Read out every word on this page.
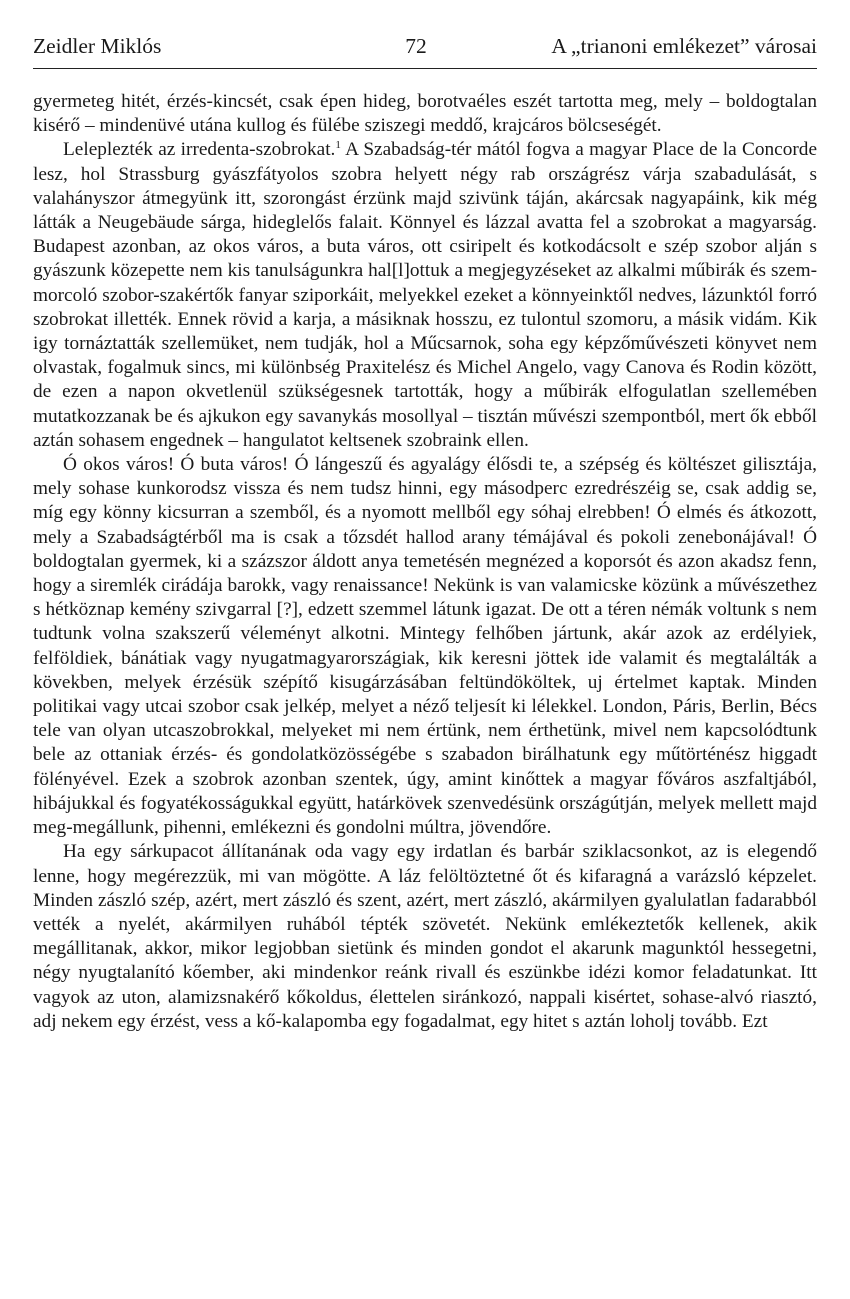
Zeidler Miklós	72	A „trianoni emlékezet” városai

gyermeteg hitét, érzés-kincsét, csak épen hideg, borotvaéles eszét tartotta meg, mely – boldogtalan kisérő – mindenüvé utána kullog és fülébe sziszegi meddő, krajcáros bölcseségét.

Leleplezték az irredenta-szobrokat.$^1$ A Szabadság-tér mától fogva a magyar Place de la Concorde lesz, hol Strassburg gyászfátyolos szobra helyett négy rab országrész várja szabadulását, s valahányszor átmegyünk itt, szorongást érzünk majd szivünk táján, akárcsak nagyapáink, kik még látták a Neugebäude sárga, hideglelős falait. Könnyel és lázzal avatta fel a szobrokat a magyarság. Budapest azonban, az okos város, a buta város, ott csiripelt és kotkodácsolt e szép szobor alján s gyászunk közepette nem kis tanulságunkra hal[l]ottuk a megjegyzéseket az alkalmi műbirák és szem-morcoló szobor-szakértők fanyar sziporkáit, melyekkel ezeket a könnyeinktől nedves, lázunktól forró szobrokat illették. Ennek rövid a karja, a másiknak hosszu, ez tulontul szomoru, a másik vidám. Kik igy tornáztatták szellemüket, nem tudják, hol a Műcsarnok, soha egy képzőművészeti könyvet nem olvastak, fogalmuk sincs, mi különbség Praxitelész és Michel Angelo, vagy Canova és Rodin között, de ezen a napon okvetlenül szükségesnek tartották, hogy a műbirák elfogulatlan szellemében mutatkozzanak be és ajkukon egy savanykás mosollyal – tisztán művészi szempontból, mert ők ebből aztán sohasem engednek – hangulatot keltsenek szobraink ellen.

Ó okos város! Ó buta város! Ó lángeszű és agyalágy élősdi te, a szépség és költészet gilisztája, mely sohase kunkorodsz vissza és nem tudsz hinni, egy másodperc ezredrészéig se, csak addig se, míg egy könny kicsurran a szemből, és a nyomott mellből egy sóhaj elrebben! Ó elmés és átkozott, mely a Szabadságtérből ma is csak a tőzsdét hallod arany témájával és pokoli zenebonájával! Ó boldogtalan gyermek, ki a százszor áldott anya temetésén megnézed a koporsót és azon akadsz fenn, hogy a siremlék cirádája barokk, vagy renaissance! Nekünk is van valamicske közünk a művészethez s hétköznap kemény szivgarral [?], edzett szemmel látunk igazat. De ott a téren némák voltunk s nem tudtunk volna szakszerű véleményt alkotni. Mintegy felhőben jártunk, akár azok az erdélyiek, felföldiek, bánátiak vagy nyugatmagyarországiak, kik keresni jöttek ide valamit és megtalálták a kövekben, melyek érzésük szépítő kisugárzásában feltündököltek, uj értelmet kaptak. Minden politikai vagy utcai szobor csak jelkép, melyet a néző teljesít ki lélekkel. London, Páris, Berlin, Bécs tele van olyan utcaszobrokkal, melyeket mi nem értünk, nem érthetünk, mivel nem kapcsolódtunk bele az ottaniak érzés- és gondolatközösségébe s szabadon birálhatunk egy műtörténész higgadt fölényével. Ezek a szobrok azonban szentek, úgy, amint kinőttek a magyar főváros aszfaltjából, hibájukkal és fogyatékosságukkal együtt, határkövek szenvedésünk országútján, melyek mellett majd meg-megállunk, pihenni, emlékezni és gondolni múltra, jövendőre.

Ha egy sárkupacot állítanának oda vagy egy irdatlan és barbár sziklacsonkot, az is elegendő lenne, hogy megérezzük, mi van mögötte. A láz felöltöztetné őt és kifaragná a varázsló képzelet. Minden zászló szép, azért, mert zászló és szent, azért, mert zászló, akármilyen gyalulatlan fadarabból vették a nyelét, akármilyen ruhából tépték szövetét. Nekünk emlékeztetők kellenek, akik megállitanak, akkor, mikor legjobban sietünk és minden gondot el akarunk magunktól hessegetni, négy nyugtalanító kőember, aki mindenkor reánk rivall és eszünkbe idézi komor feladatunkat. Itt vagyok az uton, alamizsnakérő kőkoldus, élettelen siránkozó, nappali kisértet, sohase-alvó riasztó, adj nekem egy érzést, vess a kő-kalapomba egy fogadalmat, egy hitet s aztán loholj tovább. Ezt
